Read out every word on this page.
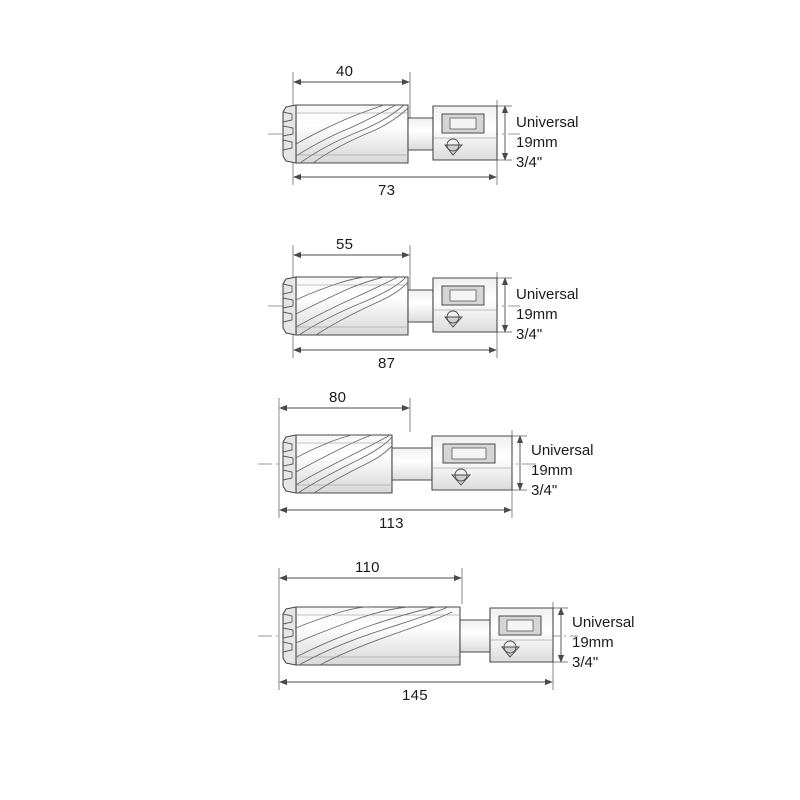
40
73
Universal
19mm
3/4"
55
87
Universal
19mm
3/4"
80
113
Universal
19mm
3/4"
110
145
Universal
19mm
3/4"
